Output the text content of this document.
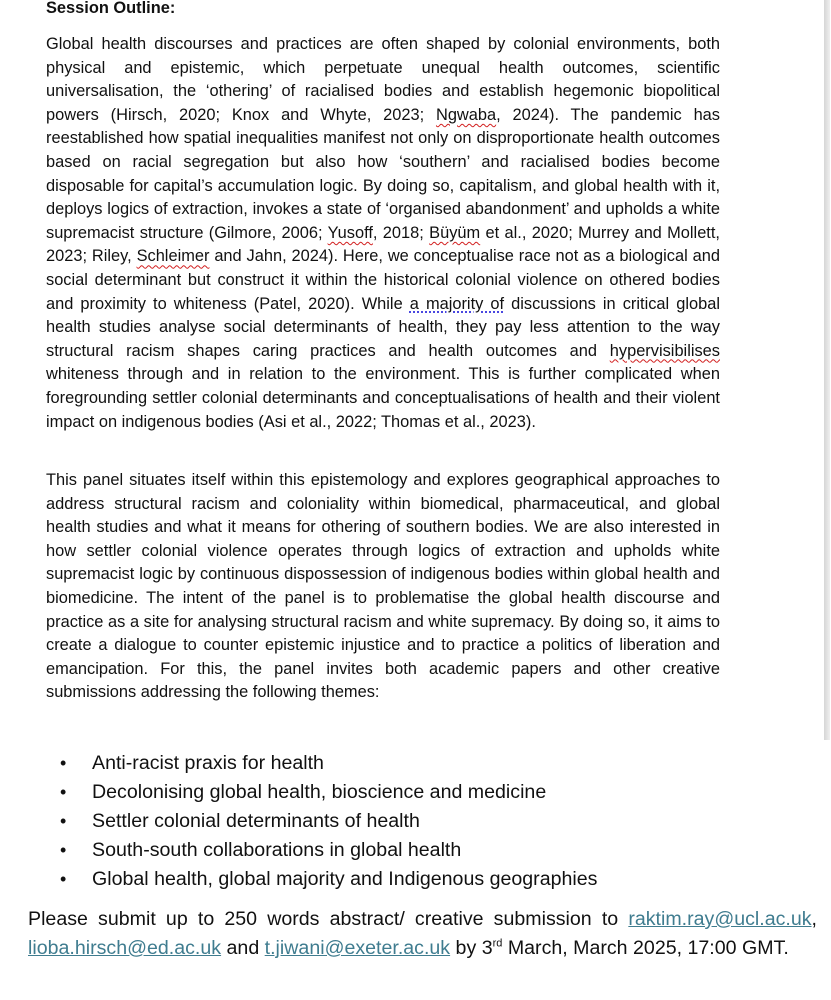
Session Outline:

Global health discourses and practices are often shaped by colonial environments, both physical and epistemic, which perpetuate unequal health outcomes, scientific universalisation, the ‘othering’ of racialised bodies and establish hegemonic biopolitical powers (Hirsch, 2020; Knox and Whyte, 2023; Ngwaba, 2024). The pandemic has reestablished how spatial inequalities manifest not only on disproportionate health outcomes based on racial segregation but also how ‘southern’ and racialised bodies become disposable for capital’s accumulation logic. By doing so, capitalism, and global health with it, deploys logics of extraction, invokes a state of ‘organised abandonment’ and upholds a white supremacist structure (Gilmore, 2006; Yusoff, 2018; Büyüm et al., 2020; Murrey and Mollett, 2023; Riley, Schleimer and Jahn, 2024). Here, we conceptualise race not as a biological and social determinant but construct it within the historical colonial violence on othered bodies and proximity to whiteness (Patel, 2020). While a majority of discussions in critical global health studies analyse social determinants of health, they pay less attention to the way structural racism shapes caring practices and health outcomes and hypervisibilises whiteness through and in relation to the environment. This is further complicated when foregrounding settler colonial determinants and conceptualisations of health and their violent impact on indigenous bodies (Asi et al., 2022; Thomas et al., 2023).

This panel situates itself within this epistemology and explores geographical approaches to address structural racism and coloniality within biomedical, pharmaceutical, and global health studies and what it means for othering of southern bodies. We are also interested in how settler colonial violence operates through logics of extraction and upholds white supremacist logic by continuous dispossession of indigenous bodies within global health and biomedicine. The intent of the panel is to problematise the global health discourse and practice as a site for analysing structural racism and white supremacy. By doing so, it aims to create a dialogue to counter epistemic injustice and to practice a politics of liberation and emancipation. For this, the panel invites both academic papers and other creative submissions addressing the following themes:

• Anti-racist praxis for health
• Decolonising global health, bioscience and medicine
• Settler colonial determinants of health
• South-south collaborations in global health
• Global health, global majority and Indigenous geographies

Please submit up to 250 words abstract/ creative submission to raktim.ray@ucl.ac.uk, lioba.hirsch@ed.ac.uk and t.jiwani@exeter.ac.uk by 3rd March, March 2025, 17:00 GMT.
